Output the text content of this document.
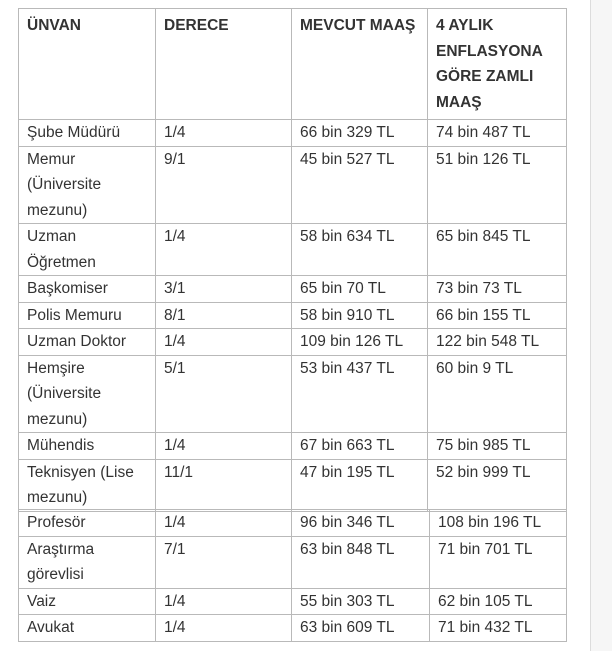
ÜNVAN	DERECE	MEVCUT MAAŞ	4 AYLIK ENFLASYONA GÖRE ZAMLI MAAŞ
Şube Müdürü	1/4	66 bin 329 TL	74 bin 487 TL
Memur (Üniversite mezunu)	9/1	45 bin 527 TL	51 bin 126 TL
Uzman Öğretmen	1/4	58 bin 634 TL	65 bin 845 TL
Başkomiser	3/1	65 bin 70 TL	73 bin 73 TL
Polis Memuru	8/1	58 bin 910 TL	66 bin 155 TL
Uzman Doktor	1/4	109 bin 126 TL	122 bin 548 TL
Hemşire (Üniversite mezunu)	5/1	53 bin 437 TL	60 bin 9 TL
Mühendis	1/4	67 bin 663 TL	75 bin 985 TL
Teknisyen (Lise mezunu)	11/1	47 bin 195 TL	52 bin 999 TL
Profesör	1/4	96 bin 346 TL	108 bin 196 TL
Araştırma görevlisi	7/1	63 bin 848 TL	71 bin 701 TL
Vaiz	1/4	55 bin 303 TL	62 bin 105 TL
Avukat	1/4	63 bin 609 TL	71 bin 432 TL
